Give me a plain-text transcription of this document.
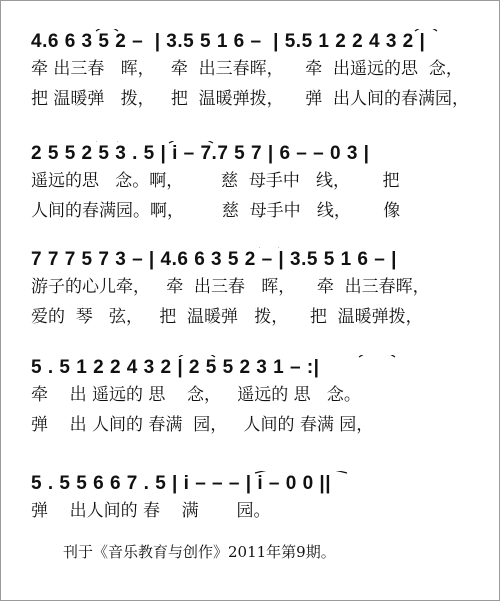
4.6 6 3 5 2 –  | 3.5 5 1 6 –  | 5.5 1 2 2 4 3 2 |
牵 出三春   晖，   牵  出三春晖，    牵  出遥远的思  念，
把 温暖弹   拨，   把  温暖弹拨，    弹  出人间的春满园，
2 5 5 2 5 3 . 5 | i – 7.7 5 7 | 6 – – 0 3 |
遥远的思   念。啊，       慈  母手中   线，      把
人间的春满园。啊，       慈  母手中   线，      像
7 7 7 5 7 3 – | 4.6 6 3 5 2 – | 3.5 5 1 6 – |
游子的心儿牵，   牵  出三春   晖，    牵  出三春晖，
爱的  琴   弦，   把  温暖弹   拨，    把  温暖弹拨，
5 . 5 1 2 2 4 3 2 | 2 5 5 2 3 1 – :|
牵    出 遥远的 思    念，   遥远的 思   念。
弹    出 人间的 春满  园，   人间的 春满 园，
5 . 5 5 6 6 7 . 5 | i – – – | i – 0 0 ||
弹    出人间的 春    满       园。
刊于《音乐教育与创作》2011年第9期。
